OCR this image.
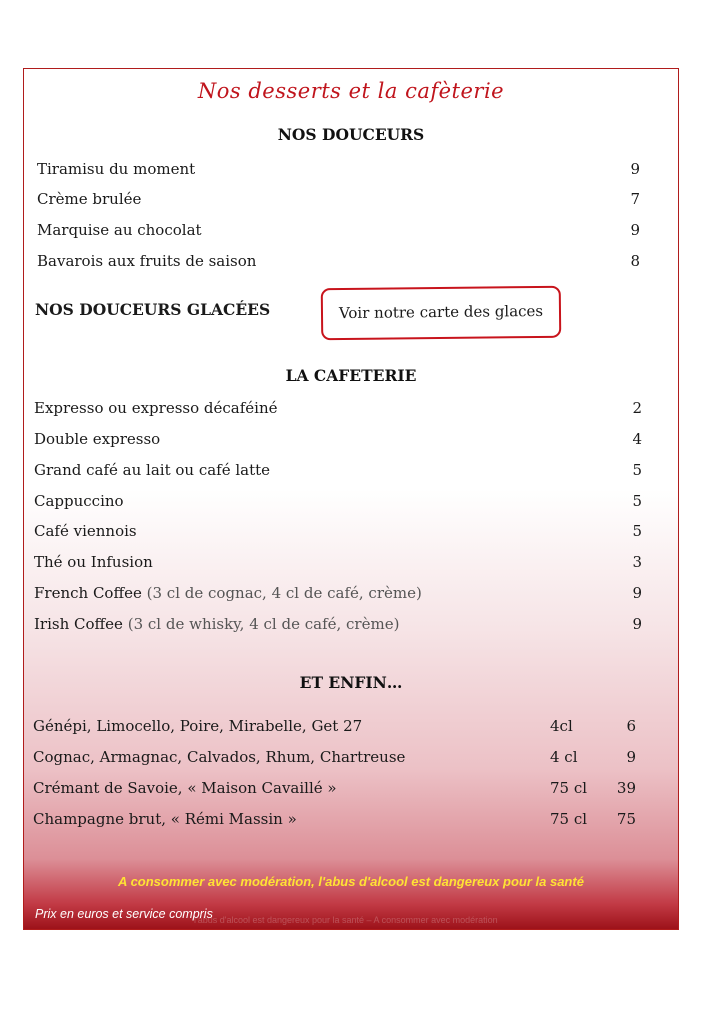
Nos desserts et la cafèterie
NOS DOUCEURS
Tiramisu du moment	9
Crème brulée	7
Marquise au chocolat	9
Bavarois aux fruits de saison	8
NOS DOUCEURS GLACÉES	Voir notre carte des glaces
LA CAFETERIE
Expresso ou expresso décaféiné	2
Double expresso	4
Grand café au lait ou café latte	5
Cappuccino	5
Café viennois	5
Thé ou Infusion	3
French Coffee (3 cl de cognac, 4 cl de café, crème)	9
Irish Coffee (3 cl de whisky, 4 cl de café, crème)	9
ET ENFIN…
Génépi, Limocello, Poire, Mirabelle, Get 27	4cl	6
Cognac, Armagnac, Calvados, Rhum, Chartreuse	4 cl	9
Crémant de Savoie, « Maison Cavaillé »	75 cl 39
Champagne brut, « Rémi Massin »	75 cl 75
A consommer avec modération, l'abus d'alcool est dangereux pour la santé
l'abus d'alcool est dangereux pour la santé – A consommer avec modération
Prix en euros et service compris
